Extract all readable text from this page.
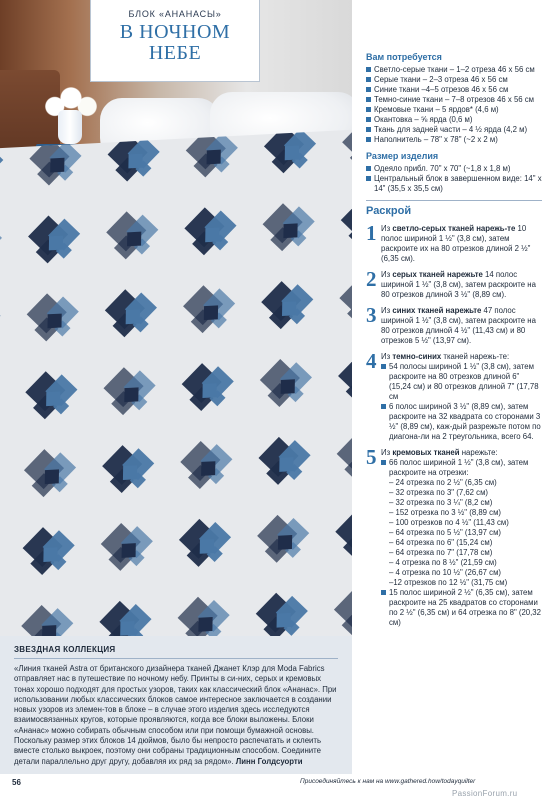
БЛОК «АНАНАСЫ»
В НОЧНОМ
НЕБЕ	Вам потребуется
Светло-серые ткани – 1–2 отреза 46 х 56 см
Серые ткани – 2–3 отреза 46 х 56 см
Синие ткани –4–5 отрезов 46 х 56 см
Темно-синие ткани – 7–8 отрезов 46 х 56 см
Кремовые ткани – 5 ярдов* (4,6 м)
Окантовка – ⅝ ярда (0,6 м)
Ткань для задней части – 4 ½ ярда (4,2 м)
Наполнитель – 78" х 78" (~2 х 2 м)
Размер изделия
Одеяло прибл. 70" х 70" (~1,8 х 1,8 м)
Центральный блок в завершенном виде: 14" х 14" (35,5 х 35,5 см)
Раскрой
1 Из светло-серых тканей нарежь-те 10 полос шириной 1 ½" (3,8 см), затем раскроите их на 80 отрезков длиной 2 ½" (6,35 см).
2 Из серых тканей нарежьте 14 полос шириной 1 ½" (3,8 см), затем раскроите на 80 отрезков длиной 3 ½" (8,89 см).
3 Из синих тканей нарежьте 47 полос шириной 1 ½" (3,8 см), затем раскроите на 80 отрезков длиной 4 ½" (11,43 см) и 80 отрезков 5 ½" (13,97 см).
4 Из темно-синих тканей нарежь-те:
54 полосы шириной 1 ½" (3,8 см), затем раскроите на 80 отрезков длиной 6" (15,24 см) и 80 отрезков длиной 7" (17,78 см
6 полос шириной 3 ½" (8,89 см), затем раскроите на 32 квадрата со сторонами 3 ½" (8,89 см), каж-дый разрежьте потом по диагона-ли на 2 треугольника, всего 64.
5 Из кремовых тканей нарежьте:
66 полос шириной 1 ½" (3,8 см), затем раскроите на отрезки:
– 24 отрезка по 2 ½" (6,35 см)
– 32 отрезка по 3" (7,62 см)
– 32 отрезка по 3 ¼" (8,2 см)
– 152 отрезка по 3 ½" (8,89 см)
– 100 отрезков по 4 ½" (11,43 см)
– 64 отрезка по 5 ½" (13,97 см)
– 64 отрезка по 6" (15,24 см)
– 64 отрезка по 7" (17,78 см)
– 4 отрезка по 8 ½" (21,59 см)
– 4 отрезка по 10 ½" (26,67 см)
–12 отрезков по 12 ½" (31,75 см)
15 полос шириной 2 ½" (6,35 см), затем раскроите на 25 квадратов со сторонами по 2 ½" (6,35 см) и 64 отрезка по 8" (20,32 см)
ЗВЕЗДНАЯ КОЛЛЕКЦИЯ
«Линия тканей Astra от британского дизайнера тканей Джанет Клэр для Moda Fabrics отправляет нас в путешествие по ночному небу. Принты в си-них, серых и кремовых тонах хорошо подходят для простых узоров, таких как классический блок «Ананас». При использовании любых классических блоков самое интересное заключается в создании новых узоров из элемен-тов в блоке – в случае этого изделия здесь исследуются взаимосвязанных кругов, которые проявляются, когда все блоки выложены. Блоки «Ананас» можно собирать обычным способом или при помощи бумажной основы. Поскольку размер этих блоков 14 дюймов, было бы непросто распечатать и склеить вместе столько выкроек, поэтому они собраны традиционным способом. Соедините детали параллельно друг другу, добавляя их ряд за рядом». Линн Голдсуорти
56	Присоединяйтесь к нам на www.gathered.how/todayquilter
PassionForum.ru
